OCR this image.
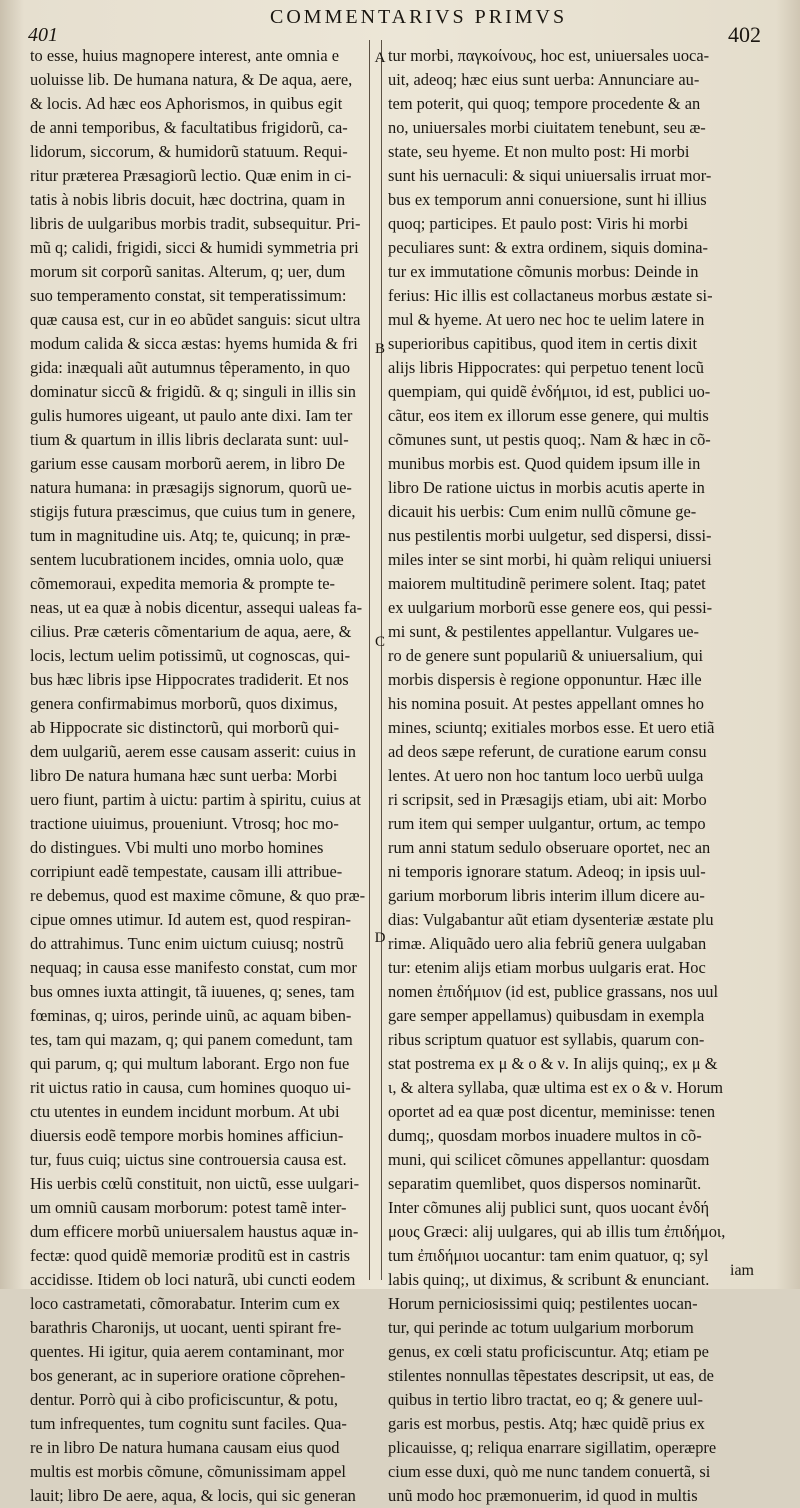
401
COMMENTARIVS PRIMVS
402
to esse, huius magnopere interest, ante omnia e
uoluisse lib. De humana natura, & De aqua, aere,
& locis. Ad hæc eos Aphorismos, in quibus egit
de anni temporibus, & facultatibus frigidorũ, ca-
lidorum, siccorum, & humidorũ statuum. Requi-
ritur præterea Præsagiorũ lectio. Quæ enim in ci-
tatis à nobis libris docuit, hæc doctrina, quam in
libris de uulgaribus morbis tradit, subsequitur. Pri-
mũ q; calidi, frigidi, sicci & humidi symmetria pri
morum sit corporũ sanitas. Alterum, q; uer, dum
suo temperamento constat, sit temperatissimum:
quæ causa est, cur in eo abũdet sanguis: sicut ultra
modum calida & sicca æstas: hyems humida & fri
gida: inæquali aũt autumnus têperamento, in quo
dominatur siccũ & frigidũ. & q; singuli in illis sin
gulis humores uigeant, ut paulo ante dixi. Iam ter
tium & quartum in illis libris declarata sunt: uul-
garium esse causam morborũ aerem, in libro De
natura humana: in præsagijs signorum, quorũ ue-
stigijs futura præscimus, que cuius tum in genere,
tum in magnitudine uis. Atq; te, quicunq; in præ-
sentem lucubrationem incides, omnia uolo, quæ
cõmemoraui, expedita memoria & prompte te-
neas, ut ea quæ à nobis dicentur, assequi ualeas fa-
cilius. Præ cæteris cõmentarium de aqua, aere, &
locis, lectum uelim potissimũ, ut cognoscas, qui-
bus hæc libris ipse Hippocrates tradiderit. Et nos
genera confirmabimus morborũ, quos diximus,
ab Hippocrate sic distinctorũ, qui morborũ qui-
dem uulgariũ, aerem esse causam asserit: cuius in
libro De natura humana hæc sunt uerba: Morbi
uero fiunt, partim à uictu: partim à spiritu, cuius at
tractione uiuimus, proueniunt. Vtrosq; hoc mo-
do distingues. Vbi multi uno morbo homines
corripiunt eadẽ tempestate, causam illi attribue-
re debemus, quod est maxime cõmune, & quo præ-
cipue omnes utimur. Id autem est, quod respiran-
do attrahimus. Tunc enim uictum cuiusq; nostrũ
nequaq; in causa esse manifesto constat, cum mor
bus omnes iuxta attingit, tã iuuenes, q; senes, tam
fœminas, q; uiros, perinde uinũ, ac aquam biben-
tes, tam qui mazam, q; qui panem comedunt, tam
qui parum, q; qui multum laborant. Ergo non fue
rit uictus ratio in causa, cum homines quoquo ui-
ctu utentes in eundem incidunt morbum. At ubi
diuersis eodẽ tempore morbis homines afficiun-
tur, fuus cuiq; uictus sine controuersia causa est.
His uerbis cœlũ constituit, non uictũ, esse uulgari-
um omniũ causam morborum: potest tamẽ inter-
dum efficere morbũ uniuersalem haustus aquæ in-
fectæ: quod quidẽ memoriæ proditũ est in castris
accidisse. Itidem ob loci naturã, ubi cuncti eodem
loco castrametati, cõmorabatur. Interim cum ex
barathris Charonijs, ut uocant, uenti spirant fre-
quentes. Hi igitur, quia aerem contaminant, mor
bos generant, ac in superiore oratione cõprehen-
dentur. Porrò qui à cibo proficiscuntur, & potu,
tum infrequentes, tum cognitu sunt faciles. Qua-
re in libro De natura humana causam eius quod
multis est morbis cõmune, cõmunissimam appel
lauit; libro De aere, aqua, & locis, qui sic generan
A
B
C
D
tur morbi, παγκοίνους, hoc est, uniuersales uoca-
uit, adeoq; hæc eius sunt uerba: Annunciare au-
tem poterit, qui quoq; tempore procedente & an
no, uniuersales morbi ciuitatem tenebunt, seu æ-
state, seu hyeme. Et non multo post: Hi morbi
sunt his uernaculi: & siqui uniuersalis irruat mor-
bus ex temporum anni conuersione, sunt hi illius
quoq; participes. Et paulo post: Viris hi morbi
peculiares sunt: & extra ordinem, siquis domina-
tur ex immutatione cõmunis morbus: Deinde in
ferius: Hic illis est collactaneus morbus æstate si-
mul & hyeme. At uero nec hoc te uelim latere in
superioribus capitibus, quod item in certis dixit
alijs libris Hippocrates: qui perpetuo tenent locũ
quempiam, qui quidẽ ἐνδήμιοι, id est, publici uo-
cãtur, eos item ex illorum esse genere, qui multis
cõmunes sunt, ut pestis quoq;. Nam & hæc in cõ-
munibus morbis est. Quod quidem ipsum ille in
libro De ratione uictus in morbis acutis aperte in
dicauit his uerbis: Cum enim nullũ cõmune ge-
nus pestilentis morbi uulgetur, sed dispersi, dissi-
miles inter se sint morbi, hi quàm reliqui uniuersi
maiorem multitudinẽ perimere solent. Itaq; patet
ex uulgarium morborũ esse genere eos, qui pessi-
mi sunt, & pestilentes appellantur. Vulgares ue-
ro de genere sunt populariũ & uniuersalium, qui
morbis dispersis è regione opponuntur. Hæc ille
his nomina posuit. At pestes appellant omnes ho
mines, sciuntq; exitiales morbos esse. Et uero etiã
ad deos sæpe referunt, de curatione earum consu
lentes. At uero non hoc tantum loco uerbũ uulga
ri scripsit, sed in Præsagijs etiam, ubi ait: Morbo
rum item qui semper uulgantur, ortum, ac tempo
rum anni statum sedulo obseruare oportet, nec an
ni temporis ignorare statum. Adeoq; in ipsis uul-
garium morborum libris interim illum dicere au-
dias: Vulgabantur aũt etiam dysenteriæ æstate plu
rimæ. Aliquãdo uero alia febriũ genera uulgaban
tur: etenim alijs etiam morbus uulgaris erat. Hoc
nomen ἐπιδήμιον (id est, publice grassans, nos uul
gare semper appellamus) quibusdam in exempla
ribus scriptum quatuor est syllabis, quarum con-
stat postrema ex μ & ο & ν. In alijs quinq;, ex μ &
ι, & altera syllaba, quæ ultima est ex ο & ν. Horum
oportet ad ea quæ post dicentur, meminisse: tenen
dumq;, quosdam morbos inuadere multos in cõ-
muni, qui scilicet cõmunes appellantur: quosdam
separatim quemlibet, quos dispersos nominarũt.
Inter cõmunes alij publici sunt, quos uocant ἐνδή
μους Græci: alij uulgares, qui ab illis tum ἐπιδήμοι,
tum ἐπιδήμιοι uocantur: tam enim quatuor, q; syl
labis quinq;, ut diximus, & scribunt & enunciant.
Horum perniciosissimi quiq; pestilentes uocan-
tur, qui perinde ac totum uulgarium morborum
genus, ex cœli statu proficiscuntur. Atq; etiam pe
stilentes nonnullas tẽpestates descripsit, ut eas, de
quibus in tertio libro tractat, eo q; & genere uul-
garis est morbus, pestis. Atq; hæc quidẽ prius ex
plicauisse, q; reliqua enarrare sigillatim, operæpre
cium esse duxi, quò me nunc tandem conuertã, si
unũ modo hoc præmonuerim, id quod in multis
iam
